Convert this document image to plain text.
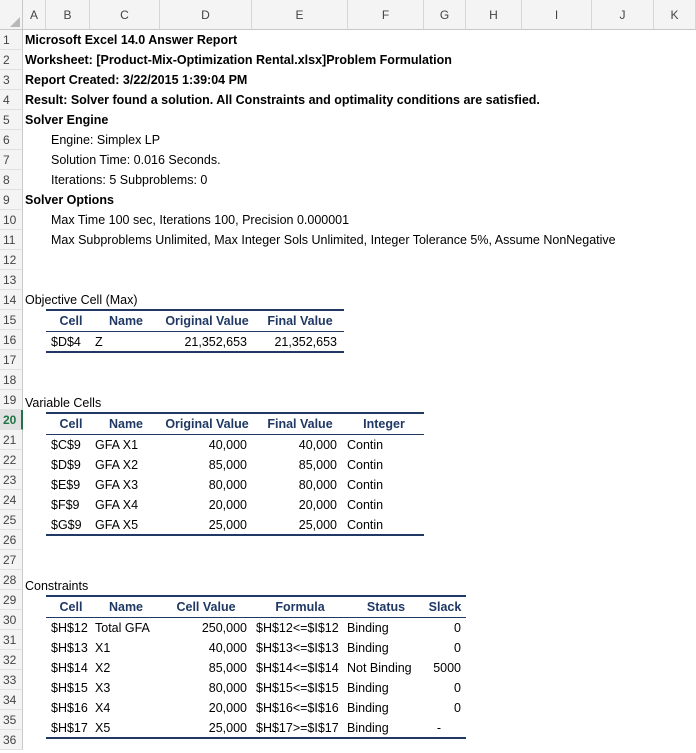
A	B	C	D	E	F	G	H	I	J	K
1
2
3
4
5
6
7
8
9
10
11
12
13
14
15
16
17
18
19
20
21
22
23
24
25
26
27
28
29
30
31
32
33
34
35
36
Microsoft Excel 14.0 Answer Report
Worksheet: [Product-Mix-Optimization Rental.xlsx]Problem Formulation
Report Created: 3/22/2015 1:39:04 PM
Result: Solver found a solution. All Constraints and optimality conditions are satisfied.
Solver Engine
Engine: Simplex LP
Solution Time: 0.016 Seconds.
Iterations: 5 Subproblems: 0
Solver Options
Max Time 100 sec, Iterations 100, Precision 0.000001
Max Subproblems Unlimited, Max Integer Sols Unlimited, Integer Tolerance 5%, Assume NonNegative
Objective Cell (Max)
Cell	Name	Original Value	Final Value
$D$4 Z	21,352,653	21,352,653
Variable Cells
Cell	Name	Original Value	Final Value	Integer
$C$9 GFA X1	40,000	40,000 Contin
$D$9 GFA X2	85,000	85,000 Contin
$E$9 GFA X3	80,000	80,000 Contin
$F$9 GFA X4	20,000	20,000 Contin
$G$9 GFA X5	25,000	25,000 Contin
Constraints
Cell	Name	Cell Value	Formula	Status	Slack
$H$12 Total GFA	250,000 $H$12<=$I$12 Binding	0
$H$13 X1	40,000 $H$13<=$I$13 Binding	0
$H$14 X2	85,000 $H$14<=$I$14 Not Binding	5000
$H$15 X3	80,000 $H$15<=$I$15 Binding	0
$H$16 X4	20,000 $H$16<=$I$16 Binding	0
$H$17 X5	25,000 $H$17>=$I$17 Binding	-
